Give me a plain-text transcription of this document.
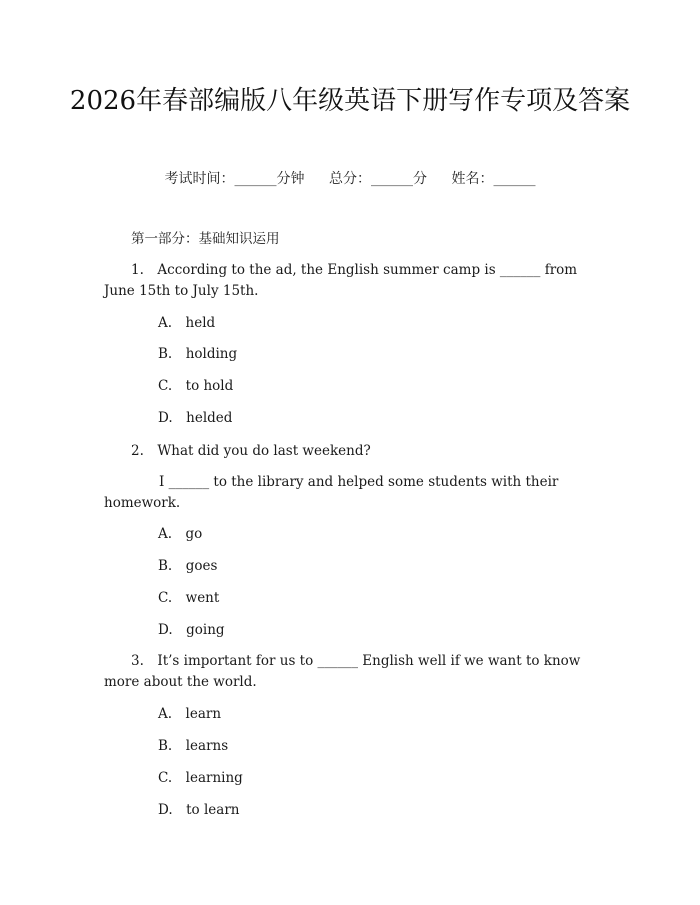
2026年春部编版八年级英语下册写作专项及答案
考试时间：______分钟 总分：______分 姓名：______
第一部分：基础知识运用
1.　According to the ad, the English summer camp is ______ from June 15th to July 15th.
A.　held
B.　holding
C.　to hold
D.　helded
2.　What did you do last weekend?
I ______ to the library and helped some students with their homework.
A.　go
B.　goes
C.　went
D.　going
3.　It’s important for us to ______ English well if we want to know more about the world.
A.　learn
B.　learns
C.　learning
D.　to learn
